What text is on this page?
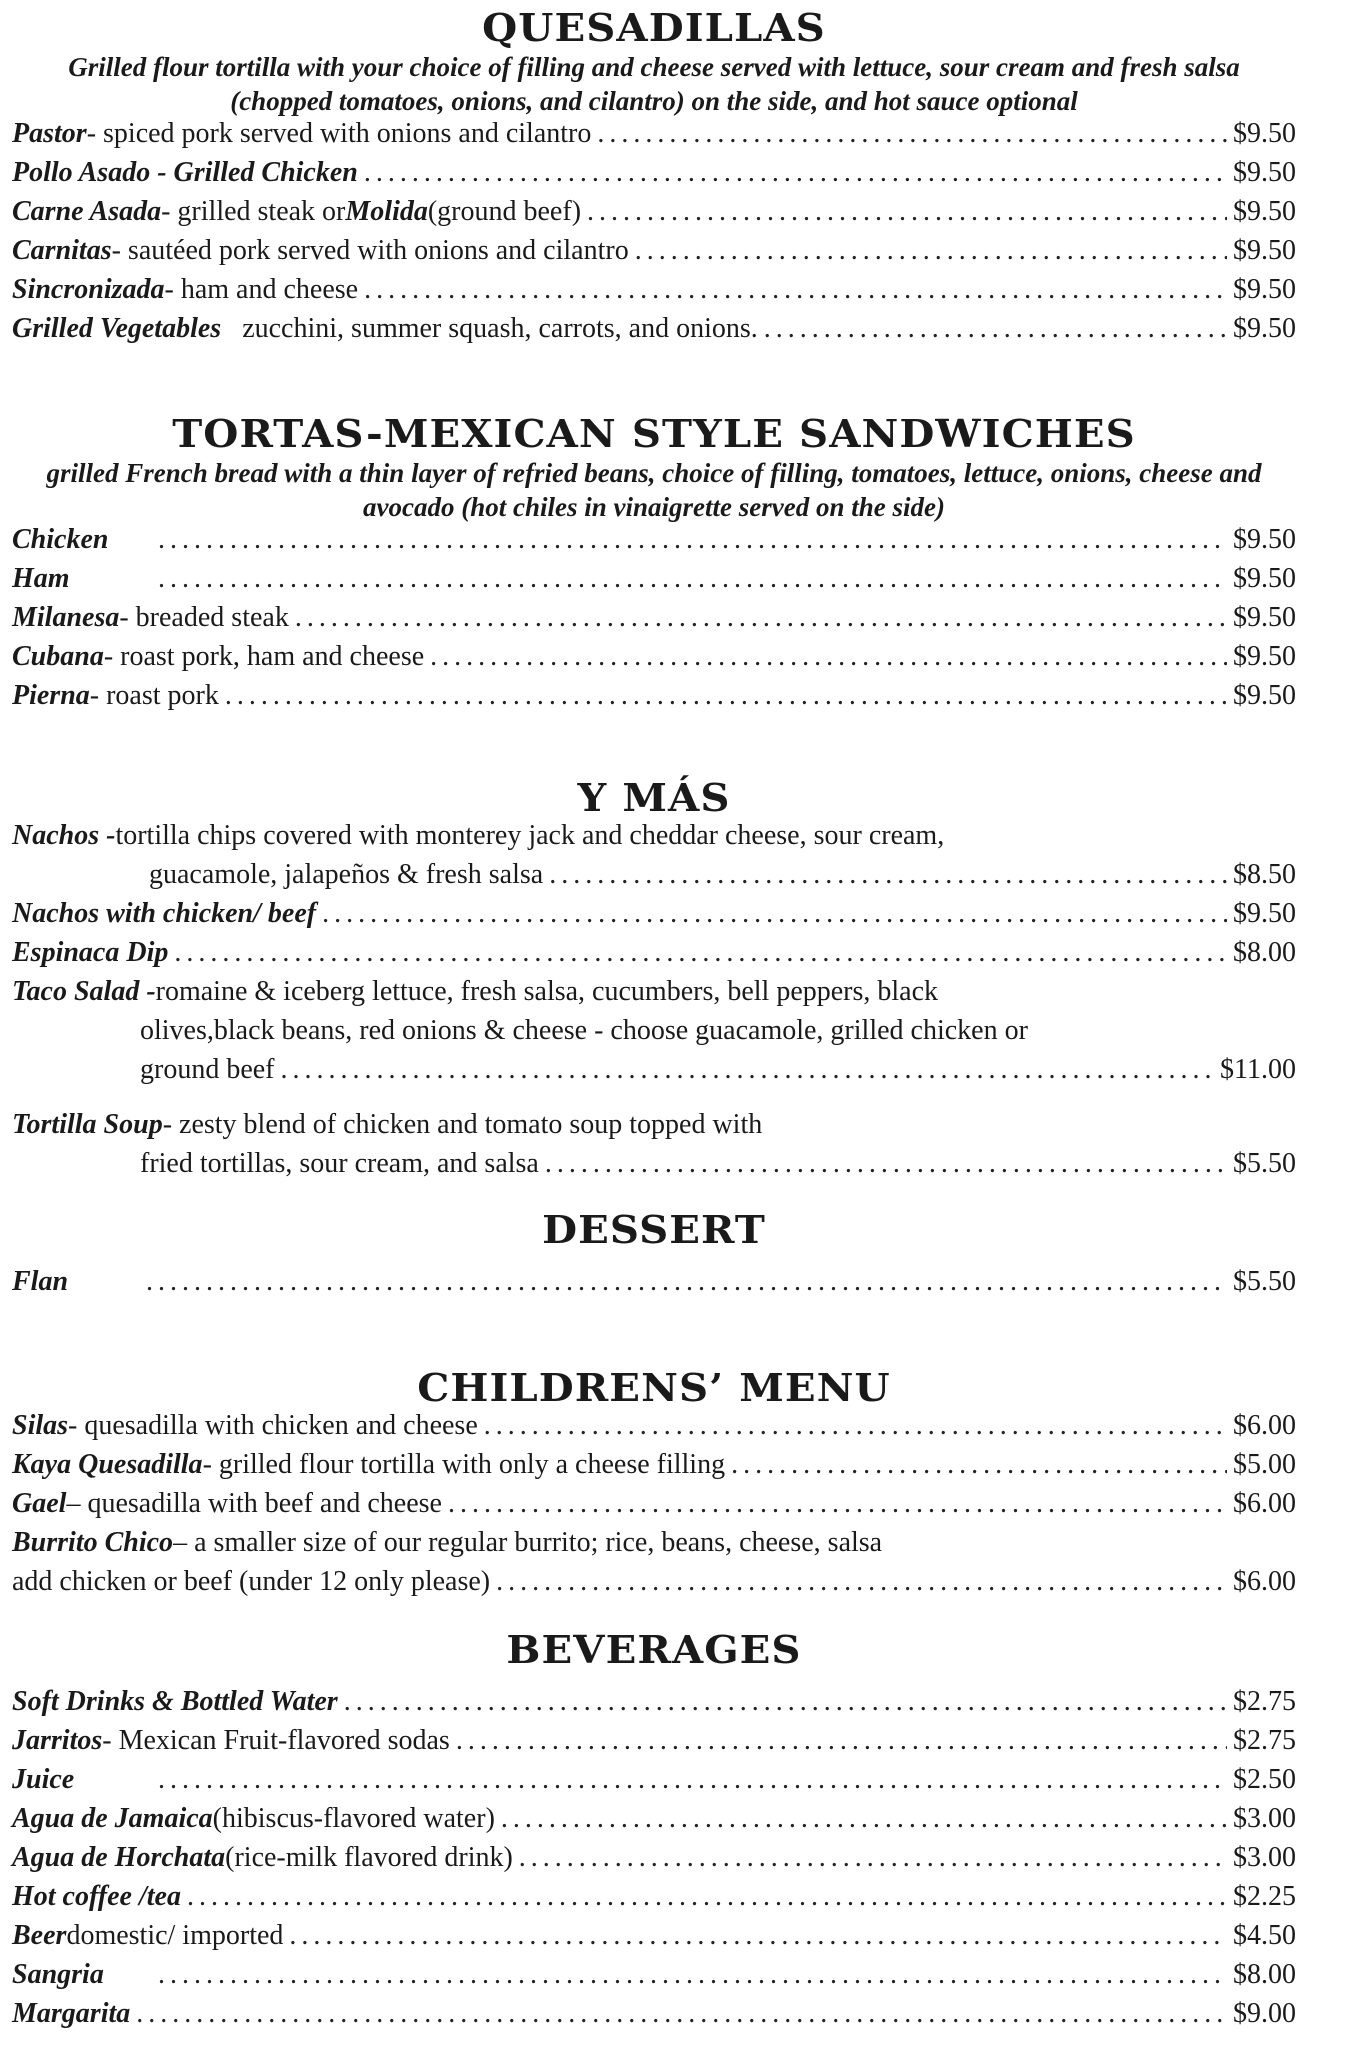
QUESADILLAS

Grilled flour tortilla with your choice of filling and cheese served with lettuce, sour cream and fresh salsa (chopped tomatoes, onions, and cilantro) on the side, and hot sauce optional

Pastor - spiced pork served with onions and cilantro .....	$9.50
Pollo Asado - Grilled Chicken .....	$9.50
Carne Asada - grilled steak or Molida (ground beef) .....	$9.50
Carnitas - sautéed pork served with onions and cilantro .....	$9.50
Sincronizada - ham and cheese .....	$9.50
Grilled Vegetables zucchini, summer squash, carrots, and onions. .....	$9.50
TORTAS-MEXICAN STYLE SANDWICHES

grilled French bread with a thin layer of refried beans, choice of filling, tomatoes, lettuce, onions, cheese and avocado (hot chiles in vinaigrette served on the side)

Chicken .....	$9.50
Ham .....	$9.50
Milanesa - breaded steak .....	$9.50
Cubana - roast pork, ham and cheese .....	$9.50
Pierna - roast pork .....	$9.50
Y MÁS
Nachos - tortilla chips covered with monterey jack and cheddar cheese, sour cream,
guacamole, jalapeños & fresh salsa .....	$8.50
Nachos with chicken/ beef .....	$9.50
Espinaca Dip .....	$8.00
Taco Salad - romaine & iceberg lettuce, fresh salsa, cucumbers, bell peppers, black
olives,black beans, red onions & cheese - choose guacamole, grilled chicken or
ground beef .....	$11.00
Tortilla Soup - zesty blend of chicken and tomato soup topped with
fried tortillas, sour cream, and salsa .....	$5.50
DESSERT
Flan .....	$5.50
CHILDRENS’ MENU
Silas - quesadilla with chicken and cheese .....	$6.00
Kaya Quesadilla - grilled flour tortilla with only a cheese filling .....	$5.00
Gael – quesadilla with beef and cheese .....	$6.00
Burrito Chico – a smaller size of our regular burrito; rice, beans, cheese, salsa
add chicken or beef (under 12 only please) .....	$6.00
BEVERAGES
Soft Drinks & Bottled Water .....	$2.75
Jarritos - Mexican Fruit-flavored sodas .....	$2.75
Juice .....	$2.50
Agua de Jamaica (hibiscus-flavored water) .....	$3.00
Agua de Horchata (rice-milk flavored drink) .....	$3.00
Hot coffee /tea .....	$2.25
Beer domestic/ imported .....	$4.50
Sangria .....	$8.00
Margarita .....	$9.00
